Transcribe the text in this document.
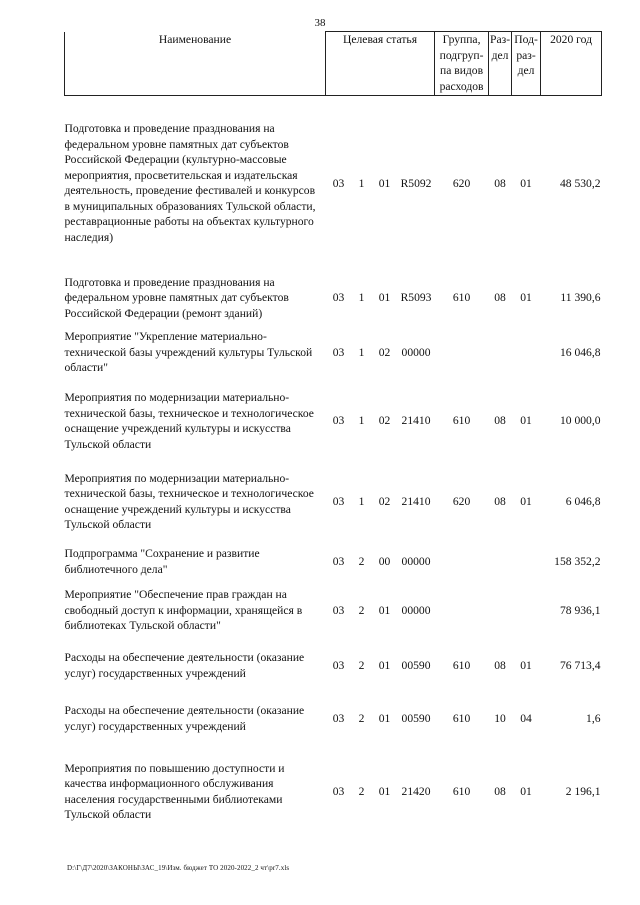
38
Наименование	Целевая статья				Группа, подгруп-па видов расходов	Раз-дел	Под-раз-дел	2020 год
Подготовка и проведение празднования на федеральном уровне памятных дат субъектов Российской Федерации (культурно-массовые мероприятия, просветительская и издательская деятельность, проведение фестивалей и конкурсов в муниципальных образованиях Тульской области, реставрационные работы на объектах культурного наследия)	03	1	01	R5092	620	08	01	48 530,2
Подготовка и проведение празднования на федеральном уровне памятных дат субъектов Российской Федерации (ремонт зданий)	03	1	01	R5093	610	08	01	11 390,6
Мероприятие "Укрепление материально-технической базы учреждений культуры Тульской области"	03	1	02	00000				16 046,8
Мероприятия по модернизации материально-технической базы, техническое и технологическое оснащение учреждений культуры и искусства Тульской области	03	1	02	21410	610	08	01	10 000,0
Мероприятия по модернизации материально-технической базы, техническое и технологическое оснащение учреждений культуры и искусства Тульской области	03	1	02	21410	620	08	01	6 046,8
Подпрограмма "Сохранение и развитие библиотечного дела"	03	2	00	00000				158 352,2
Мероприятие "Обеспечение прав граждан на свободный доступ к информации, хранящейся в библиотеках Тульской области"	03	2	01	00000				78 936,1
Расходы на обеспечение деятельности (оказание услуг) государственных учреждений	03	2	01	00590	610	08	01	76 713,4
Расходы на обеспечение деятельности (оказание услуг) государственных учреждений	03	2	01	00590	610	10	04	1,6
Мероприятия по повышению доступности и качества информационного обслуживания населения государственными библиотеками Тульской области	03	2	01	21420	610	08	01	2 196,1
D:\Г\Д7\2020\ЗАКОНЫ\ЗАС_19\Изм. бюджет ТО 2020-2022_2 чт\pr7.xls
